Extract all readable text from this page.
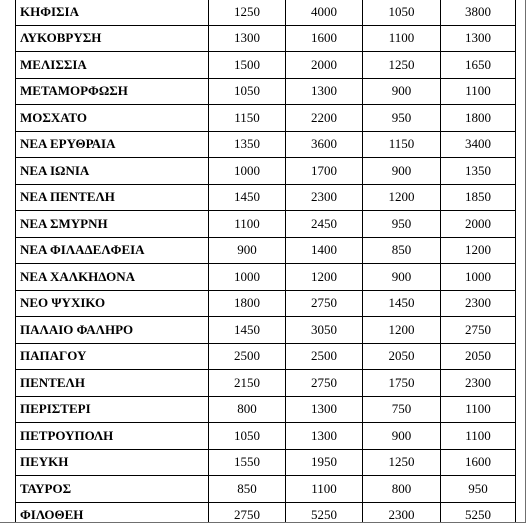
ΚΗΦΙΣΙΑ	1250	4000	1050	3800
ΛΥΚΟΒΡΥΣΗ	1300	1600	1100	1300
ΜΕΛΙΣΣΙΑ	1500	2000	1250	1650
ΜΕΤΑΜΟΡΦΩΣΗ	1050	1300	900	1100
ΜΟΣΧΑΤΟ	1150	2200	950	1800
ΝΕΑ ΕΡΥΘΡΑΙΑ	1350	3600	1150	3400
ΝΕΑ ΙΩΝΙΑ	1000	1700	900	1350
ΝΕΑ ΠΕΝΤΕΛΗ	1450	2300	1200	1850
ΝΕΑ ΣΜΥΡΝΗ	1100	2450	950	2000
ΝΕΑ ΦΙΛΑΔΕΛΦΕΙΑ	900	1400	850	1200
ΝΕΑ ΧΑΛΚΗΔΟΝΑ	1000	1200	900	1000
ΝΕΟ ΨΥΧΙΚΟ	1800	2750	1450	2300
ΠΑΛΑΙΟ ΦΑΛΗΡΟ	1450	3050	1200	2750
ΠΑΠΑΓΟΥ	2500	2500	2050	2050
ΠΕΝΤΕΛΗ	2150	2750	1750	2300
ΠΕΡΙΣΤΕΡΙ	800	1300	750	1100
ΠΕΤΡΟΥΠΟΛΗ	1050	1300	900	1100
ΠΕΥΚΗ	1550	1950	1250	1600
ΤΑΥΡΟΣ	850	1100	800	950
ΦΙΛΟΘΕΗ	2750	5250	2300	5250
